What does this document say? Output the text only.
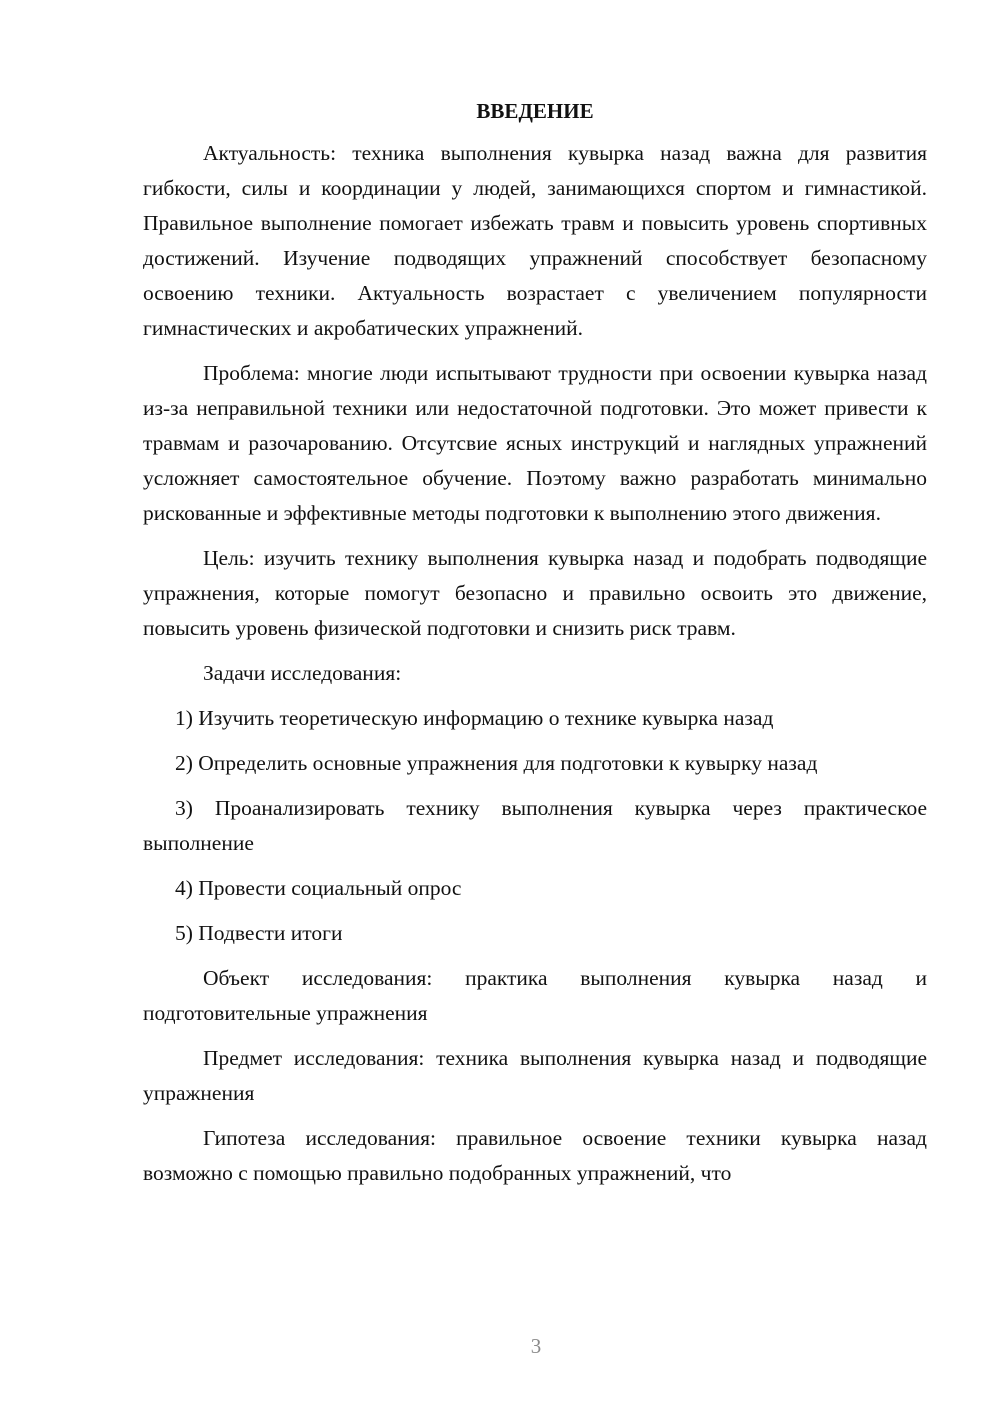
ВВЕДЕНИЕ

Актуальность: техника выполнения кувырка назад важна для развития гибкости, силы и координации у людей, занимающихся спортом и гимнастикой. Правильное выполнение помогает избежать травм и повысить уровень спортивных достижений. Изучение подводящих упражнений способствует безопасному освоению техники. Актуальность возрастает с увеличением популярности гимнастических и акробатических упражнений.

Проблема: многие люди испытывают трудности при освоении кувырка назад из-за неправильной техники или недостаточной подготовки. Это может привести к травмам и разочарованию. Отсутсвие ясных инструкций и наглядных упражнений усложняет самостоятельное обучение. Поэтому важно разработать минимально рискованные и эффективные методы подготовки к выполнению этого движения.

Цель: изучить технику выполнения кувырка назад и подобрать подводящие упражнения, которые помогут безопасно и правильно освоить это движение, повысить уровень физической подготовки и снизить риск травм.

Задачи исследования:

1) Изучить теоретическую информацию о технике кувырка назад

2) Определить основные упражнения для подготовки к кувырку назад

3) Проанализировать технику выполнения кувырка через практическое выполнение

4) Провести социальный опрос

5) Подвести итоги

Объект исследования: практика выполнения кувырка назад и подготовительные упражнения

Предмет исследования: техника выполнения кувырка назад и подводящие упражнения

Гипотеза исследования: правильное освоение техники кувырка назад возможно с помощью правильно подобранных упражнений, что

3
